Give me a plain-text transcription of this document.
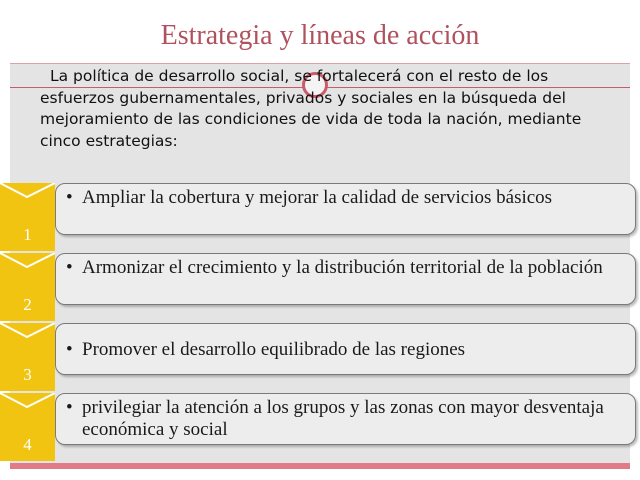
Estrategia y líneas de acción

La política de desarrollo social, se fortalecerá con el resto de los esfuerzos gubernamentales, privados y sociales en la búsqueda del mejoramiento de las condiciones de vida de toda la nación, mediante cinco estrategias:

1
• Ampliar la cobertura y mejorar la calidad de servicios básicos
2
• Armonizar el crecimiento y la distribución territorial de la población
3
• Promover el desarrollo equilibrado de las regiones
4
• privilegiar la atención a los grupos y las zonas con mayor desventaja económica y social
